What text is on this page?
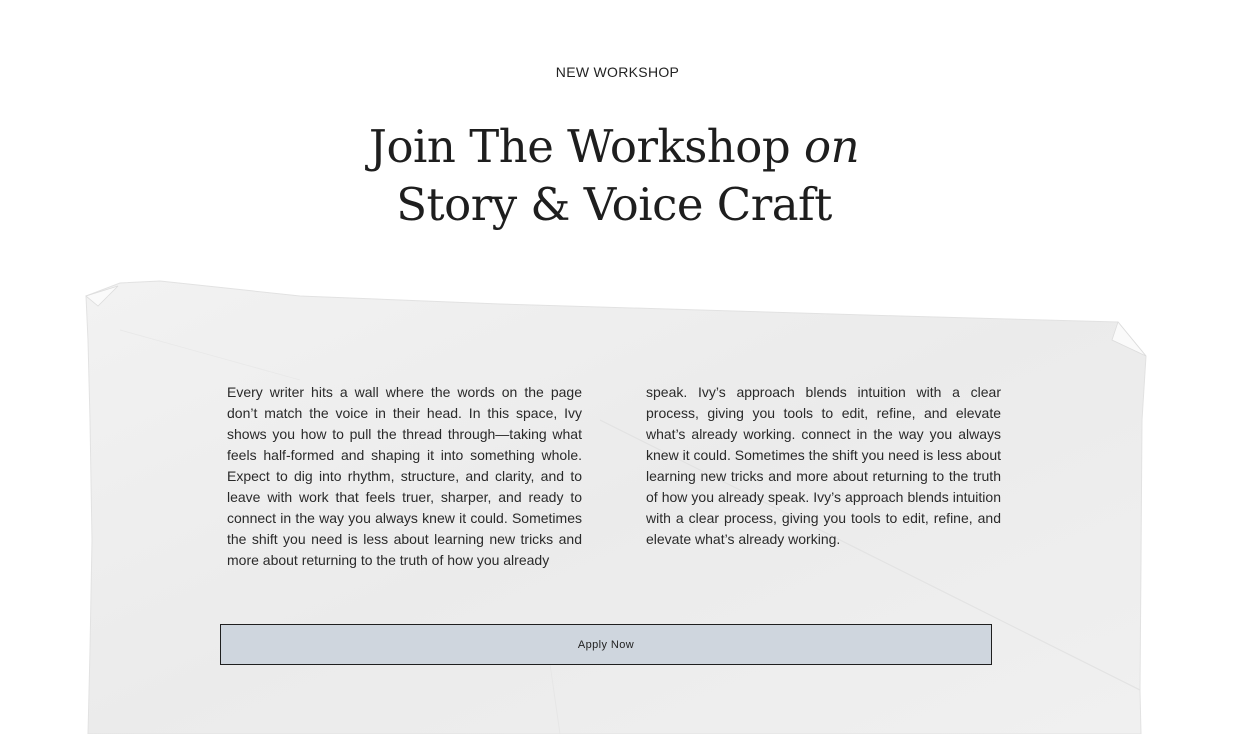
NEW WORKSHOP
Join The Workshop on
Story & Voice Craft
Every writer hits a wall where the words on the page don’t match the voice in their head. In this space, Ivy shows you how to pull the thread through—taking what feels half-formed and shaping it into something whole. Expect to dig into rhythm, structure, and clarity, and to leave with work that feels truer, sharper, and ready to connect in the way you always knew it could. Sometimes the shift you need is less about learning new tricks and more about returning to the truth of how you already
speak. Ivy’s approach blends intuition with a clear process, giving you tools to edit, refine, and elevate what’s already working. connect in the way you always knew it could. Sometimes the shift you need is less about learning new tricks and more about returning to the truth of how you already speak. Ivy’s approach blends intuition with a clear process, giving you tools to edit, refine, and elevate what’s already working.
Apply Now
